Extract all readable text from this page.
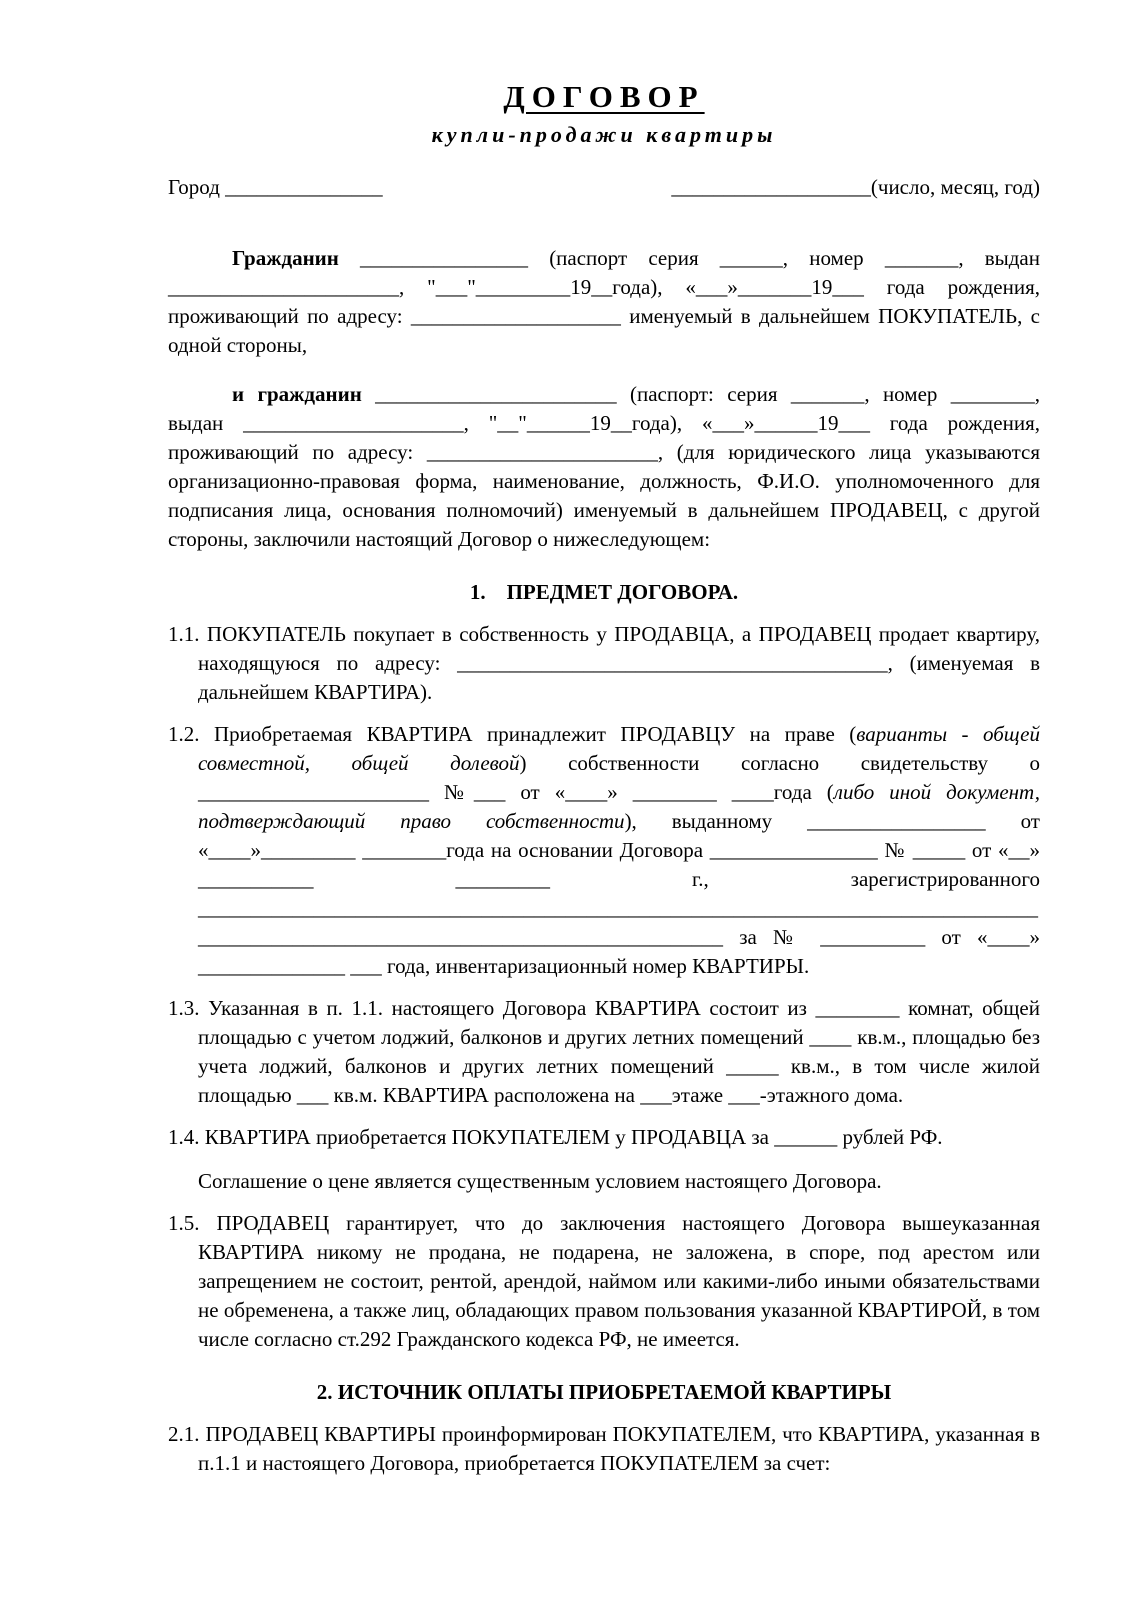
ДОГОВОР
купли-продажи квартиры
Город _______________	___________________(число, месяц, год)

Гражданин ________________ (паспорт серия ______, номер _______, выдан ______________________, "___"_________19__года), «___»_______19___ года рождения, проживающий по адресу: ____________________ именуемый в дальнейшем ПОКУПАТЕЛЬ, с одной стороны,

и гражданин _______________________ (паспорт: серия _______, номер ________, выдан _____________________, "__"______19__года), «___»______19___ года рождения, проживающий по адресу: ______________________, (для юридического лица указываются организационно-правовая форма, наименование, должность, Ф.И.О. уполномоченного для подписания лица, основания полномочий) именуемый в дальнейшем ПРОДАВЕЦ, с другой стороны, заключили настоящий Договор о нижеследующем:

1. ПРЕДМЕТ ДОГОВОРА.

1.1. ПОКУПАТЕЛЬ покупает в собственность у ПРОДАВЦА, а ПРОДАВЕЦ продает квартиру, находящуюся по адресу: _________________________________________, (именуемая в дальнейшем КВАРТИРА).

1.2. Приобретаемая КВАРТИРА принадлежит ПРОДАВЦУ на праве (варианты - общей совместной, общей долевой) собственности согласно свидетельству о ______________________ №___ от «____» ________ ____года (либо иной документ, подтверждающий право собственности), выданному _________________ от «____»_________ ________года на основании Договора ________________ № _____ от «__» ___________ _________ г., зарегистрированного ________________________________________________________________________________ __________________________________________________ за № __________ от «____» ______________ ___ года, инвентаризационный номер КВАРТИРЫ.

1.3. Указанная в п. 1.1. настоящего Договора КВАРТИРА состоит из ________ комнат, общей площадью с учетом лоджий, балконов и других летних помещений ____ кв.м., площадью без учета лоджий, балконов и других летних помещений _____ кв.м., в том числе жилой площадью ___ кв.м. КВАРТИРА расположена на ___этаже ___-этажного дома.

1.4. КВАРТИРА приобретается ПОКУПАТЕЛЕМ у ПРОДАВЦА за ______ рублей РФ.

Соглашение о цене является существенным условием настоящего Договора.

1.5. ПРОДАВЕЦ гарантирует, что до заключения настоящего Договора вышеуказанная КВАРТИРА никому не продана, не подарена, не заложена, в споре, под арестом или запрещением не состоит, рентой, арендой, наймом или какими-либо иными обязательствами не обременена, а также лиц, обладающих правом пользования указанной КВАРТИРОЙ, в том числе согласно ст.292 Гражданского кодекса РФ, не имеется.

2. ИСТОЧНИК ОПЛАТЫ ПРИОБРЕТАЕМОЙ КВАРТИРЫ

2.1. ПРОДАВЕЦ КВАРТИРЫ проинформирован ПОКУПАТЕЛЕМ, что КВАРТИРА, указанная в п.1.1 и настоящего Договора, приобретается ПОКУПАТЕЛЕМ за счет:
